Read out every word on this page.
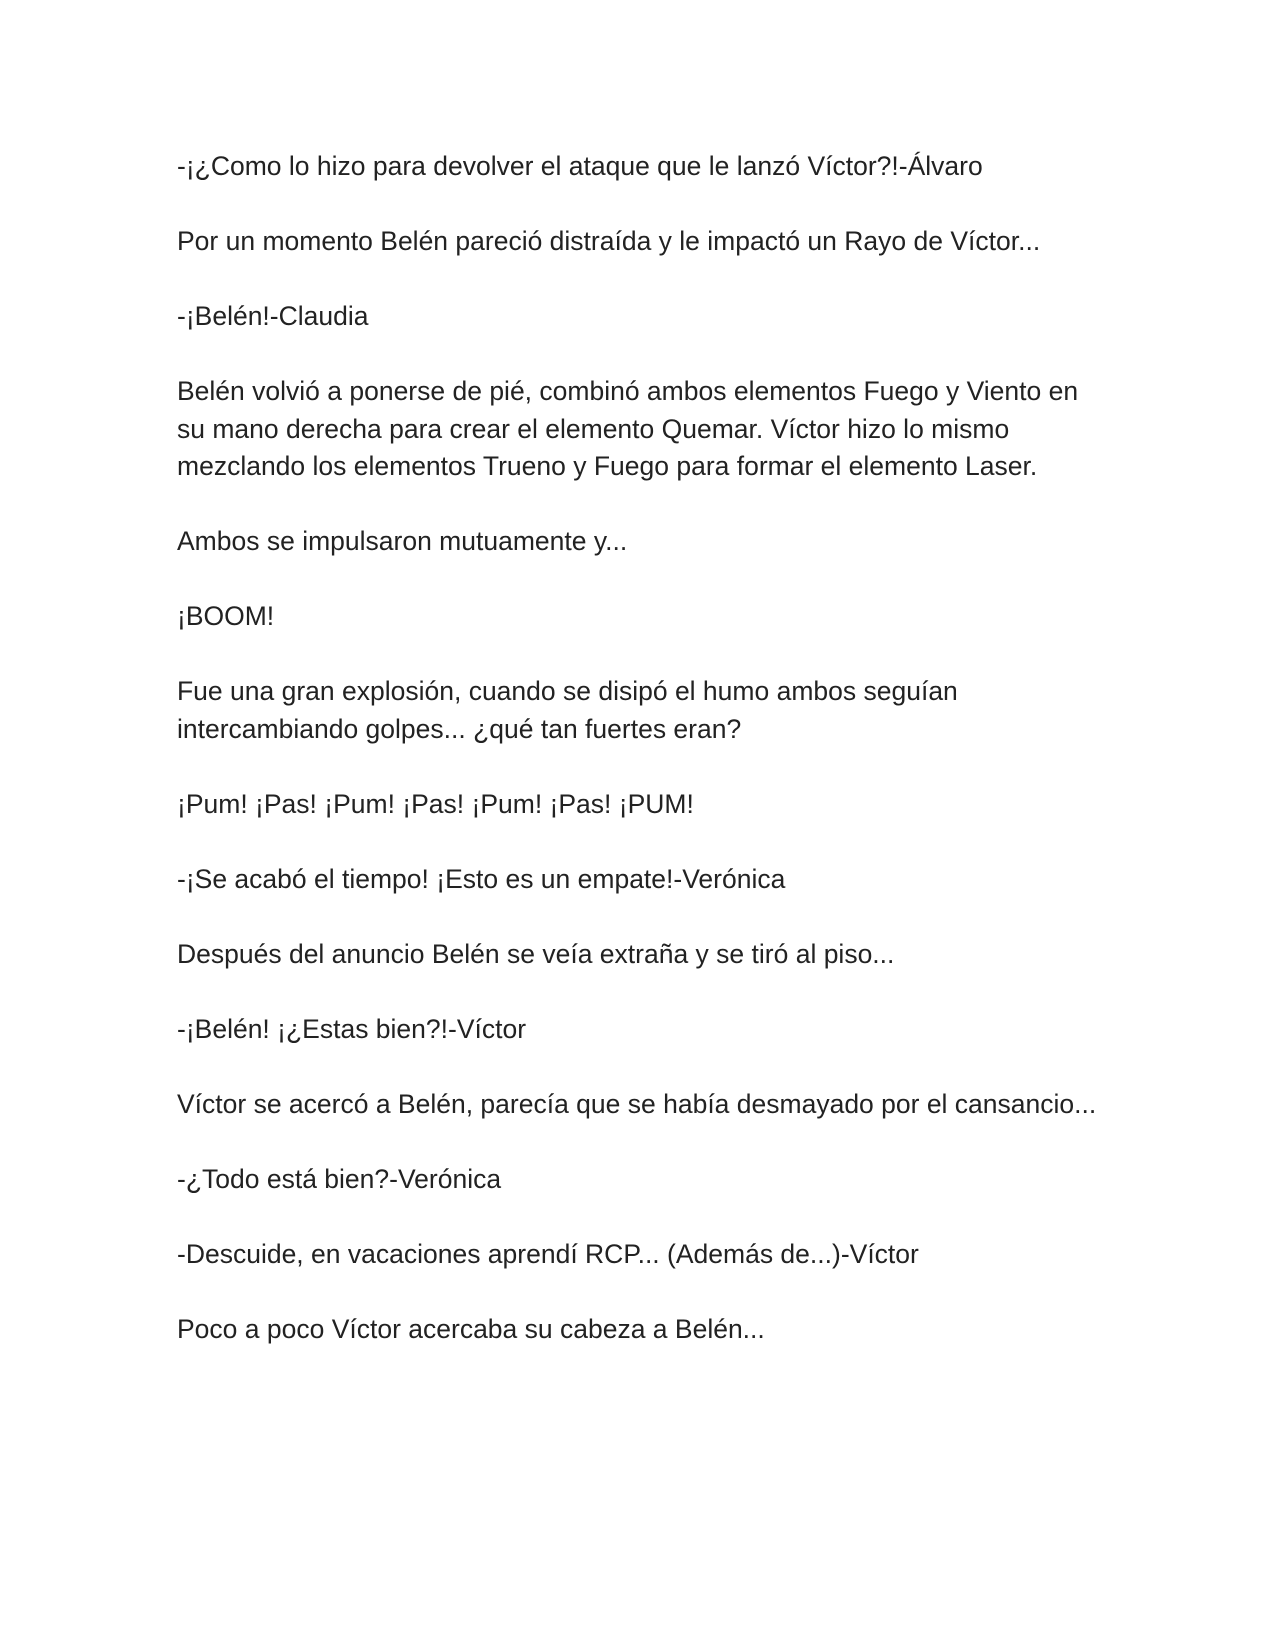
-¡¿Como lo hizo para devolver el ataque que le lanzó Víctor?!-Álvaro

Por un momento Belén pareció distraída y le impactó un Rayo de Víctor...

-¡Belén!-Claudia

Belén volvió a ponerse de pié, combinó ambos elementos Fuego y Viento en su mano derecha para crear el elemento Quemar. Víctor hizo lo mismo mezclando los elementos Trueno y Fuego para formar el elemento Laser.

Ambos se impulsaron mutuamente y...

¡BOOM!

Fue una gran explosión, cuando se disipó el humo ambos seguían intercambiando golpes... ¿qué tan fuertes eran?

¡Pum! ¡Pas! ¡Pum! ¡Pas! ¡Pum! ¡Pas! ¡PUM!

-¡Se acabó el tiempo! ¡Esto es un empate!-Verónica

Después del anuncio Belén se veía extraña y se tiró al piso...

-¡Belén! ¡¿Estas bien?!-Víctor

Víctor se acercó a Belén, parecía que se había desmayado por el cansancio...

-¿Todo está bien?-Verónica

-Descuide, en vacaciones aprendí RCP... (Además de...)-Víctor

Poco a poco Víctor acercaba su cabeza a Belén...
